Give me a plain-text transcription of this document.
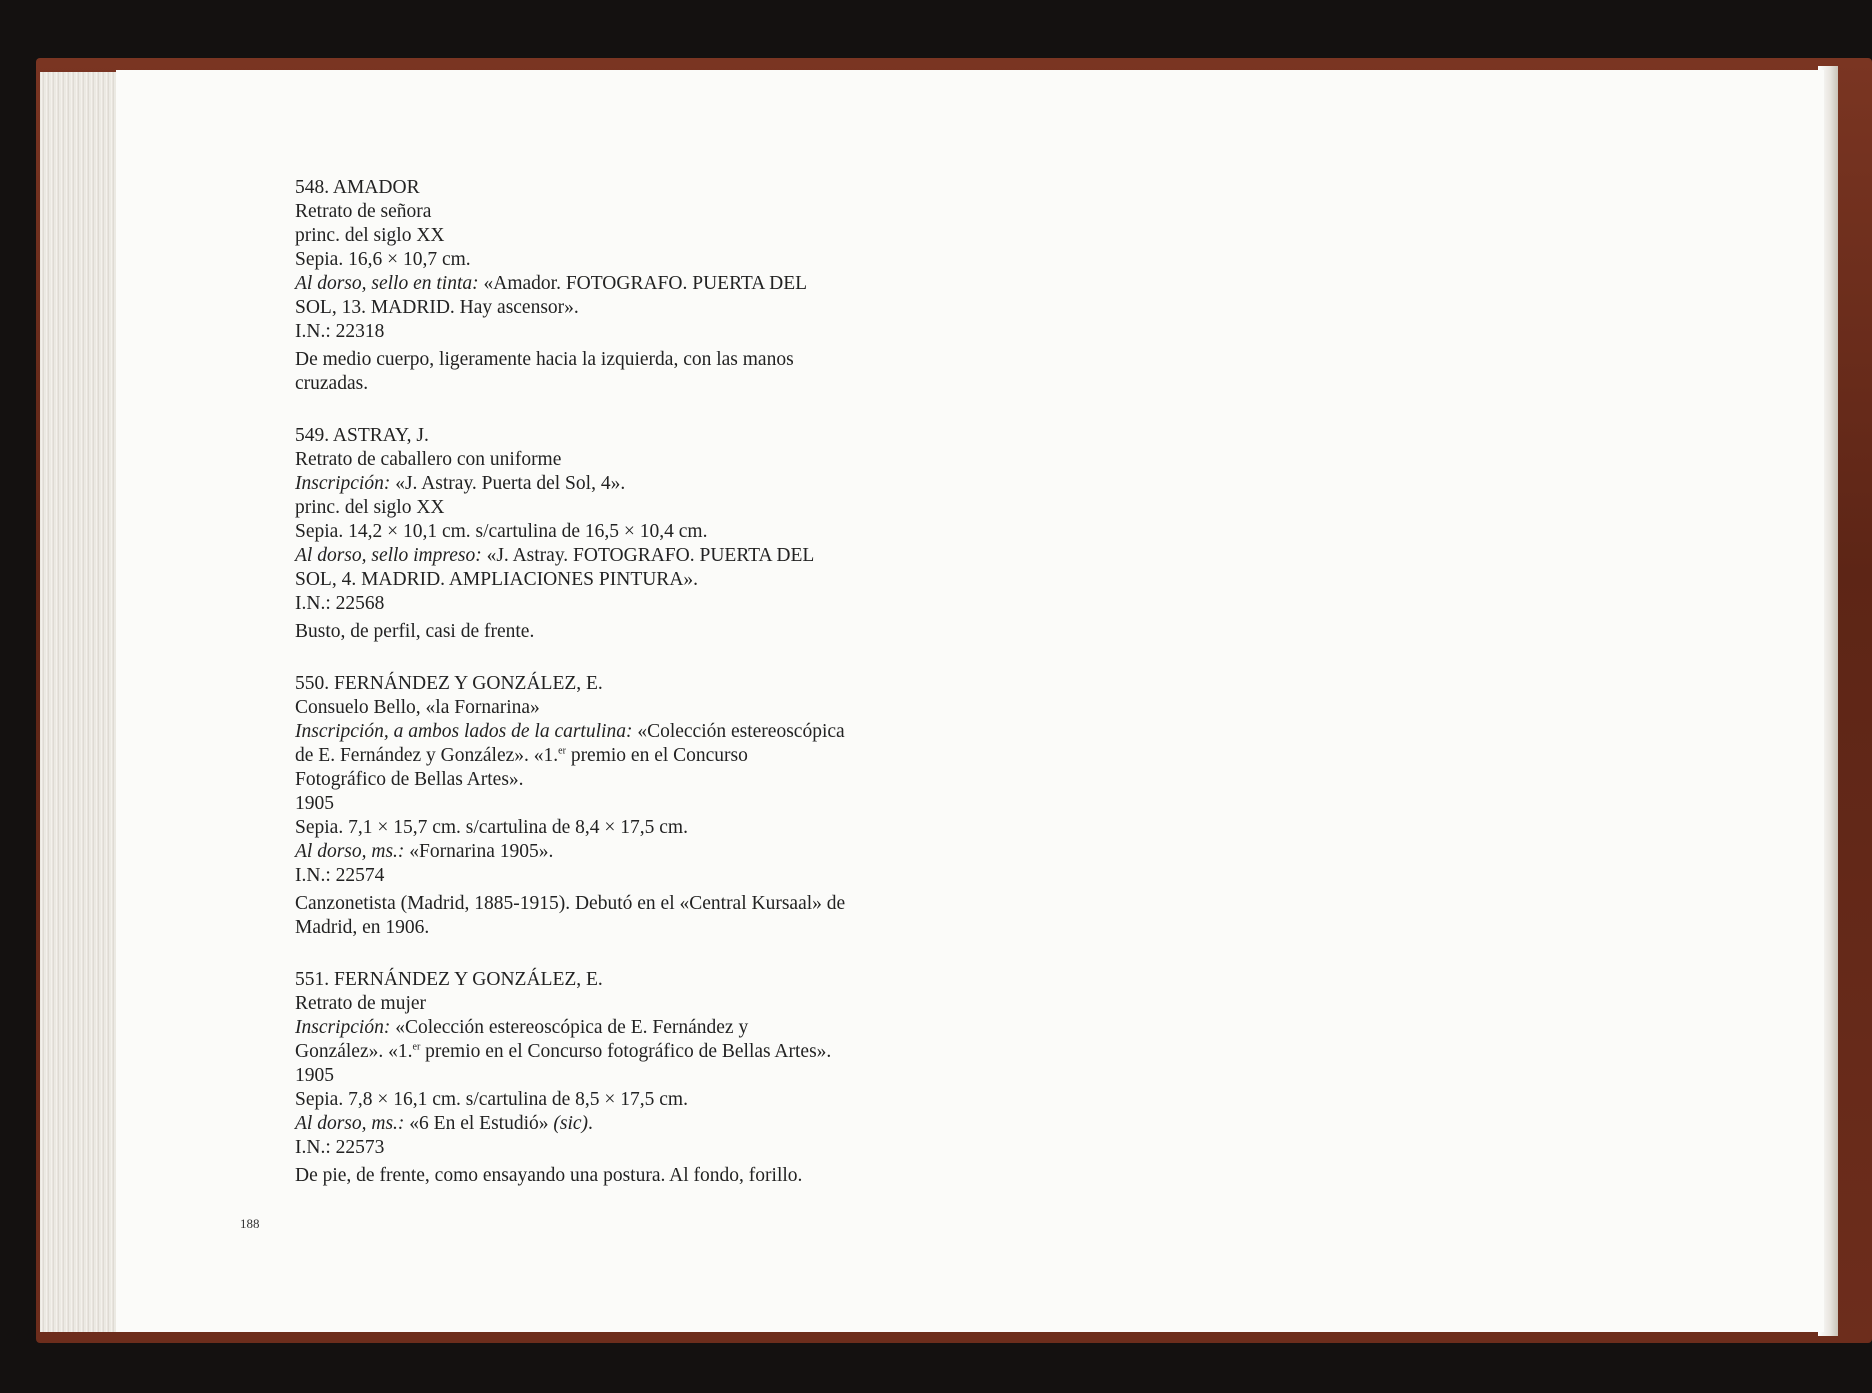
548. AMADOR
Retrato de señora
princ. del siglo XX
Sepia. 16,6 × 10,7 cm.
Al dorso, sello en tinta: «Amador. FOTOGRAFO. PUERTA DEL
SOL, 13. MADRID. Hay ascensor».
I.N.: 22318
De medio cuerpo, ligeramente hacia la izquierda, con las manos
cruzadas.
549. ASTRAY, J.
Retrato de caballero con uniforme
Inscripción: «J. Astray. Puerta del Sol, 4».
princ. del siglo XX
Sepia. 14,2 × 10,1 cm. s/cartulina de 16,5 × 10,4 cm.
Al dorso, sello impreso: «J. Astray. FOTOGRAFO. PUERTA DEL
SOL, 4. MADRID. AMPLIACIONES PINTURA».
I.N.: 22568
Busto, de perfil, casi de frente.
550. FERNÁNDEZ Y GONZÁLEZ, E.
Consuelo Bello, «la Fornarina»
Inscripción, a ambos lados de la cartulina: «Colección estereoscópica
de E. Fernández y González». «1.$^{er}$ premio en el Concurso
Fotográfico de Bellas Artes».
1905
Sepia. 7,1 × 15,7 cm. s/cartulina de 8,4 × 17,5 cm.
Al dorso, ms.: «Fornarina 1905».
I.N.: 22574
Canzonetista (Madrid, 1885-1915). Debutó en el «Central Kursaal» de
Madrid, en 1906.
551. FERNÁNDEZ Y GONZÁLEZ, E.
Retrato de mujer
Inscripción: «Colección estereoscópica de E. Fernández y
González». «1.$^{er}$ premio en el Concurso fotográfico de Bellas Artes».
1905
Sepia. 7,8 × 16,1 cm. s/cartulina de 8,5 × 17,5 cm.
Al dorso, ms.: «6 En el Estudió» (sic).
I.N.: 22573
De pie, de frente, como ensayando una postura. Al fondo, forillo.
188
